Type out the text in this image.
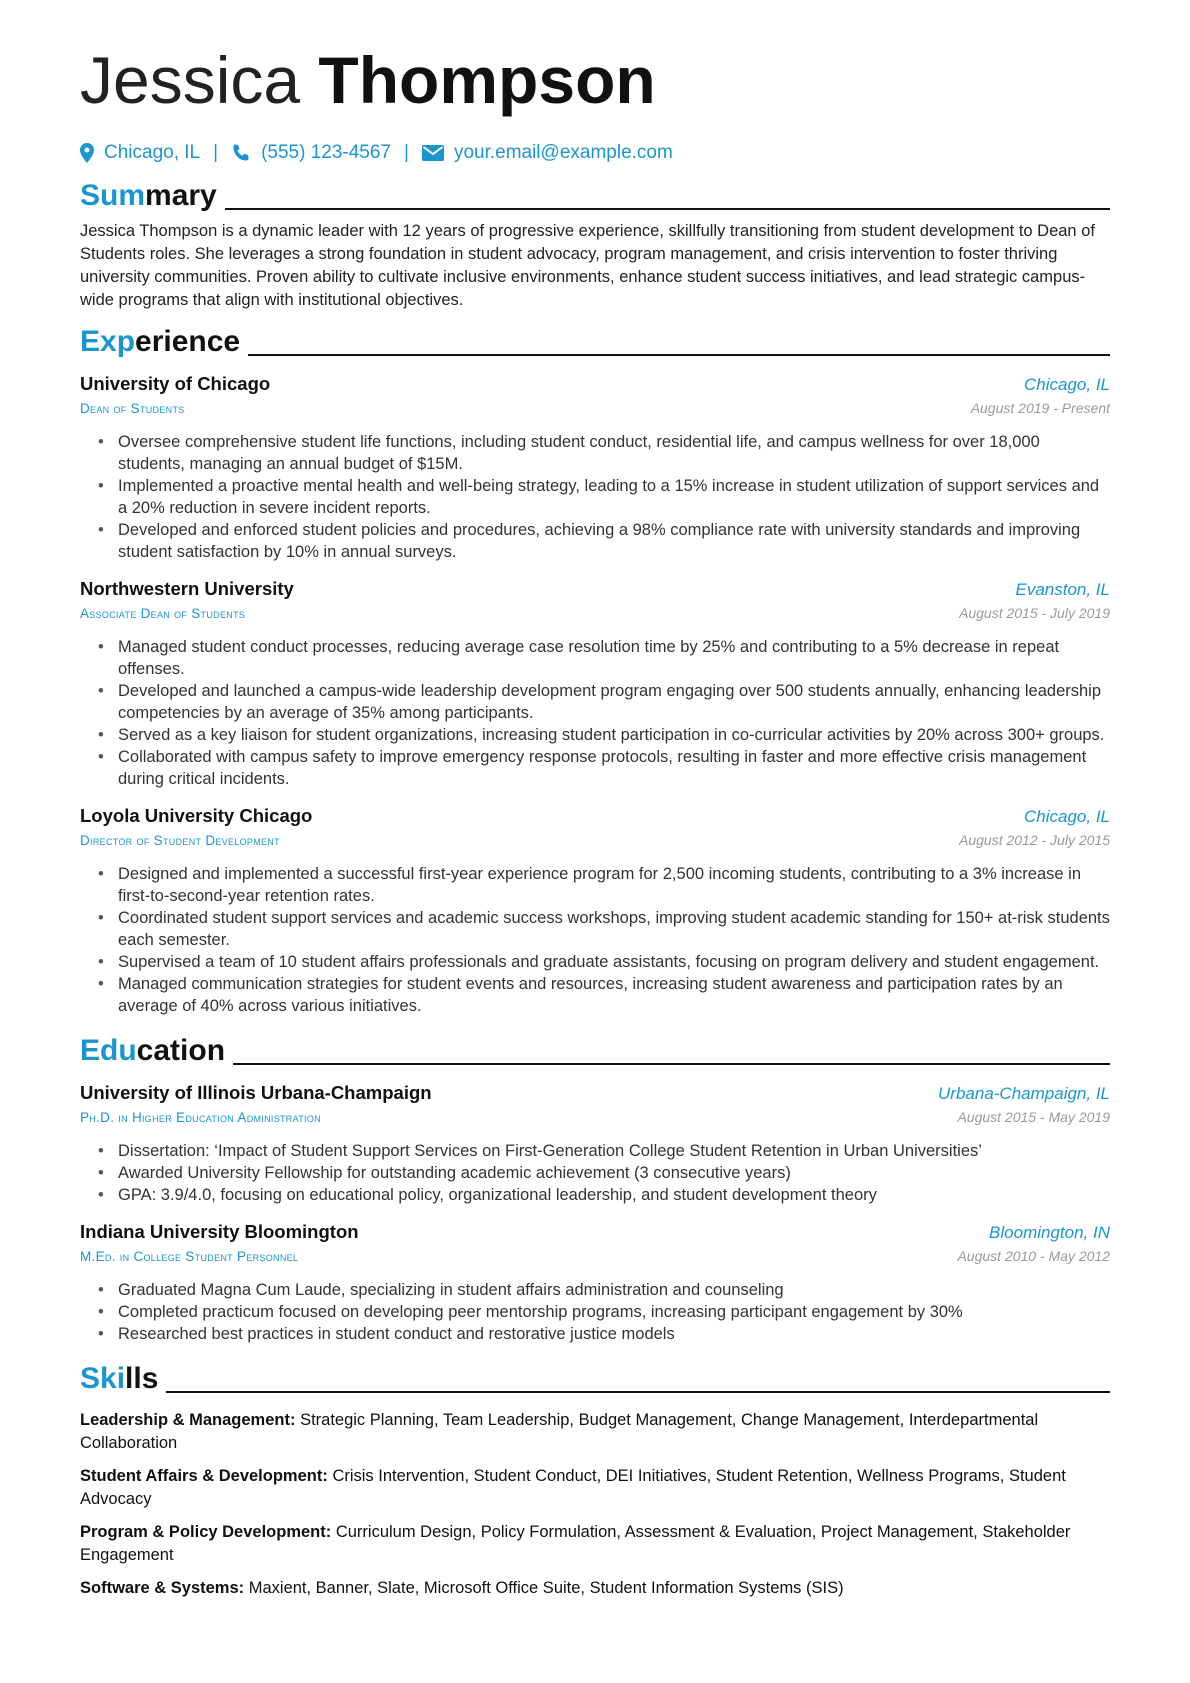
Jessica Thompson
Chicago, IL | (555) 123-4567 | your.email@example.com
Summary

Jessica Thompson is a dynamic leader with 12 years of progressive experience, skillfully transitioning from student development to Dean of Students roles. She leverages a strong foundation in student advocacy, program management, and crisis intervention to foster thriving university communities. Proven ability to cultivate inclusive environments, enhance student success initiatives, and lead strategic campus-wide programs that align with institutional objectives.

Experience
University of Chicago	Chicago, IL
Dean of Students	August 2019 - Present
• Oversee comprehensive student life functions, including student conduct, residential life, and campus wellness for over 18,000 students, managing an annual budget of $15M.
• Implemented a proactive mental health and well-being strategy, leading to a 15% increase in student utilization of support services and a 20% reduction in severe incident reports.
• Developed and enforced student policies and procedures, achieving a 98% compliance rate with university standards and improving student satisfaction by 10% in annual surveys.
Northwestern University	Evanston, IL
Associate Dean of Students	August 2015 - July 2019
• Managed student conduct processes, reducing average case resolution time by 25% and contributing to a 5% decrease in repeat offenses.
• Developed and launched a campus-wide leadership development program engaging over 500 students annually, enhancing leadership competencies by an average of 35% among participants.
• Served as a key liaison for student organizations, increasing student participation in co-curricular activities by 20% across 300+ groups.
• Collaborated with campus safety to improve emergency response protocols, resulting in faster and more effective crisis management during critical incidents.
Loyola University Chicago	Chicago, IL
Director of Student Development	August 2012 - July 2015
• Designed and implemented a successful first-year experience program for 2,500 incoming students, contributing to a 3% increase in first-to-second-year retention rates.
• Coordinated student support services and academic success workshops, improving student academic standing for 150+ at-risk students each semester.
• Supervised a team of 10 student affairs professionals and graduate assistants, focusing on program delivery and student engagement.
• Managed communication strategies for student events and resources, increasing student awareness and participation rates by an average of 40% across various initiatives.
Education
University of Illinois Urbana-Champaign	Urbana-Champaign, IL
Ph.D. in Higher Education Administration	August 2015 - May 2019
• Dissertation: ‘Impact of Student Support Services on First-Generation College Student Retention in Urban Universities’
• Awarded University Fellowship for outstanding academic achievement (3 consecutive years)
• GPA: 3.9/4.0, focusing on educational policy, organizational leadership, and student development theory
Indiana University Bloomington	Bloomington, IN
M.Ed. in College Student Personnel	August 2010 - May 2012
• Graduated Magna Cum Laude, specializing in student affairs administration and counseling
• Completed practicum focused on developing peer mentorship programs, increasing participant engagement by 30%
• Researched best practices in student conduct and restorative justice models
Skills
Leadership & Management: Strategic Planning, Team Leadership, Budget Management, Change Management, Interdepartmental Collaboration
Student Affairs & Development: Crisis Intervention, Student Conduct, DEI Initiatives, Student Retention, Wellness Programs, Student Advocacy
Program & Policy Development: Curriculum Design, Policy Formulation, Assessment & Evaluation, Project Management, Stakeholder Engagement
Software & Systems: Maxient, Banner, Slate, Microsoft Office Suite, Student Information Systems (SIS)
